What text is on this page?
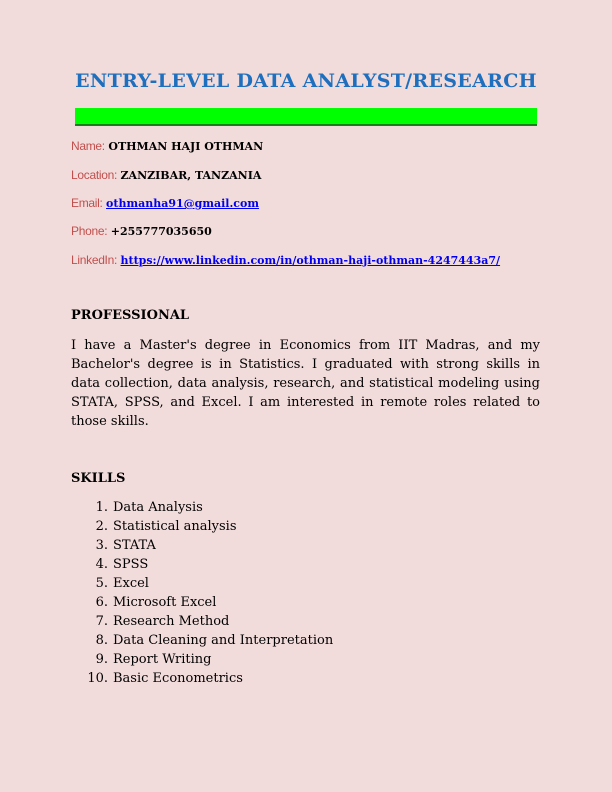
ENTRY-LEVEL DATA ANALYST/RESEARCH
Name: OTHMAN HAJI OTHMAN
Location: ZANZIBAR, TANZANIA
Email: othmanha91@gmail.com
Phone: +255777035650
LinkedIn: https://www.linkedin.com/in/othman-haji-othman-4247443a7/
PROFESSIONAL
I have a Master's degree in Economics from IIT Madras, and my Bachelor's degree is in Statistics. I graduated with strong skills in data collection, data analysis, research, and statistical modeling using STATA, SPSS, and Excel. I am interested in remote roles related to those skills.
SKILLS
1. Data Analysis
2. Statistical analysis
3. STATA
4. SPSS
5. Excel
6. Microsoft Excel
7. Research Method
8. Data Cleaning and Interpretation
9. Report Writing
10. Basic Econometrics
